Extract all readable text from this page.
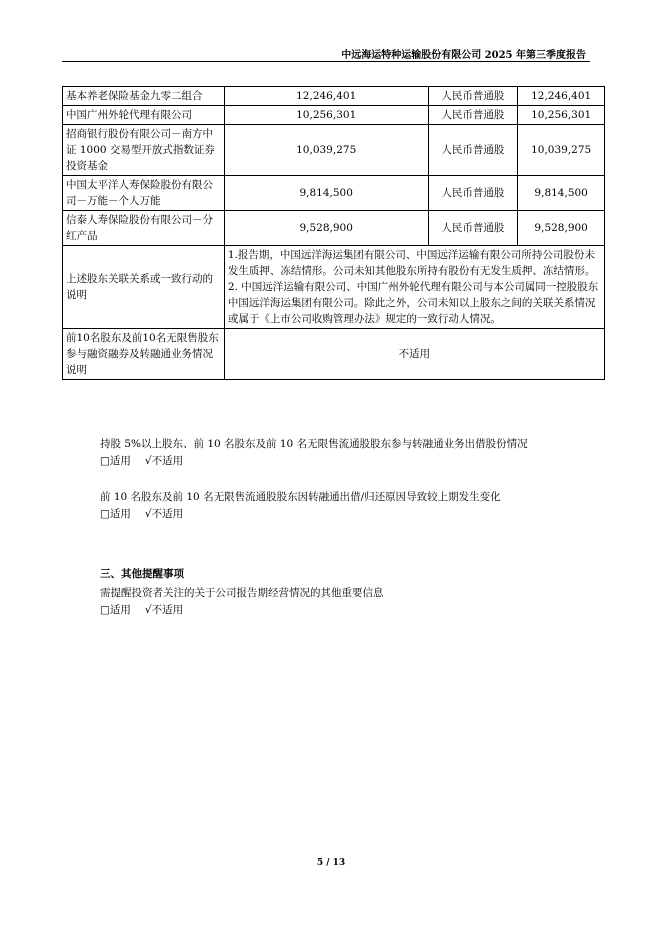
中远海运特种运输股份有限公司 2025 年第三季度报告
基本养老保险基金九零二组合	12,246,401	人民币普通股	12,246,401
中国广州外轮代理有限公司	10,256,301	人民币普通股	10,256,301
招商银行股份有限公司－南方中证 1000 交易型开放式指数证券投资基金	10,039,275	人民币普通股	10,039,275
中国太平洋人寿保险股份有限公司－万能－个人万能	9,814,500	人民币普通股	9,814,500
信泰人寿保险股份有限公司－分红产品	9,528,900	人民币普通股	9,528,900
上述股东关联关系或一致行动的说明	1.报告期，中国远洋海运集团有限公司、中国远洋运输有限公司所持公司股份未发生质押、冻结情形。公司未知其他股东所持有股份有无发生质押、冻结情形。 2. 中国远洋运输有限公司、中国广州外轮代理有限公司与本公司属同一控股股东中国远洋海运集团有限公司。除此之外，公司未知以上股东之间的关联关系情况或属于《上市公司收购管理办法》规定的一致行动人情况。		
前10名股东及前10名无限售股东参与融资融券及转融通业务情况说明	不适用		
持股 5%以上股东、前 10 名股东及前 10 名无限售流通股股东参与转融通业务出借股份情况
□适用 √不适用
前 10 名股东及前 10 名无限售流通股股东因转融通出借/归还原因导致较上期发生变化
□适用 √不适用
三、其他提醒事项
需提醒投资者关注的关于公司报告期经营情况的其他重要信息
□适用 √不适用
5 / 13
